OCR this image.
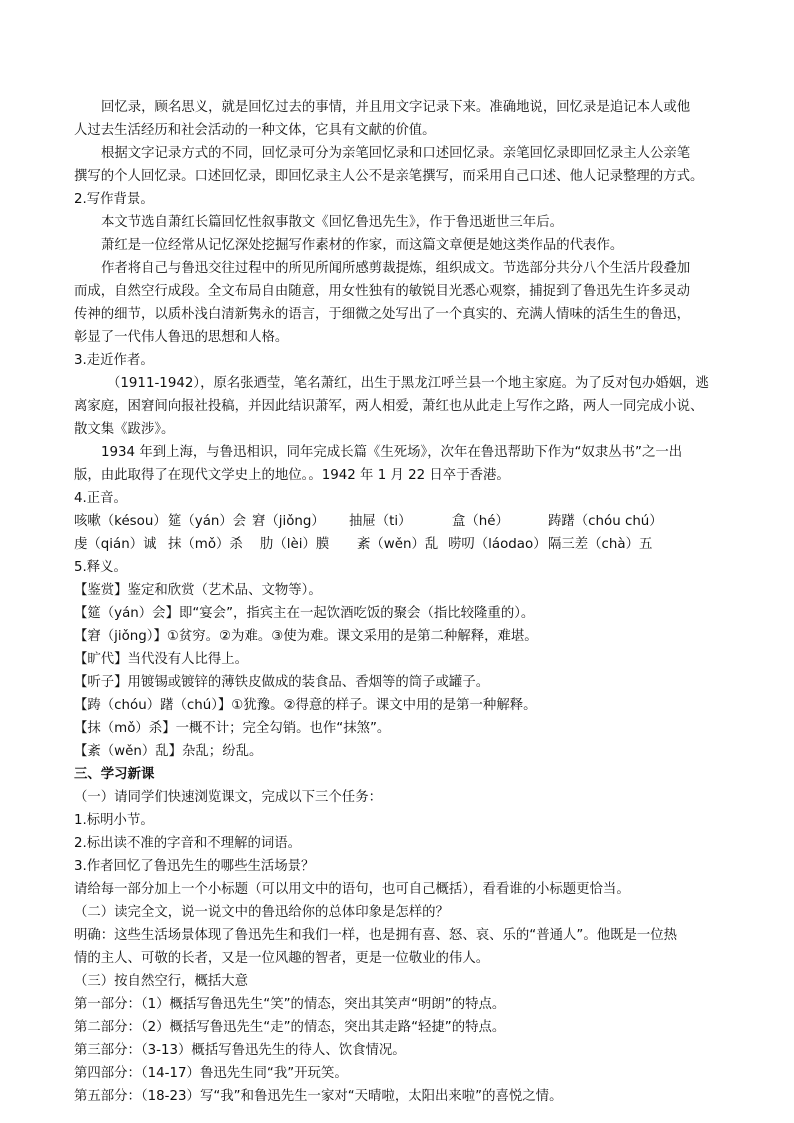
回忆录，顾名思义，就是回忆过去的事情，并且用文字记录下来。准确地说，回忆录是追记本人或他
人过去生活经历和社会活动的一种文体，它具有文献的价值。
根据文字记录方式的不同，回忆录可分为亲笔回忆录和口述回忆录。亲笔回忆录即回忆录主人公亲笔
撰写的个人回忆录。口述回忆录，即回忆录主人公不是亲笔撰写，而采用自己口述、他人记录整理的方式。
2.写作背景。
本文节选自萧红长篇回忆性叙事散文《回忆鲁迅先生》，作于鲁迅逝世三年后。
萧红是一位经常从记忆深处挖掘写作素材的作家，而这篇文章便是她这类作品的代表作。
作者将自己与鲁迅交往过程中的所见所闻所感剪裁提炼，组织成文。节选部分共分八个生活片段叠加
而成，自然空行成段。全文布局自由随意，用女性独有的敏锐目光悉心观察，捕捉到了鲁迅先生许多灵动
传神的细节，以质朴浅白清新隽永的语言，于细微之处写出了一个真实的、充满人情味的活生生的鲁迅，
彰显了一代伟人鲁迅的思想和人格。
3.走近作者。
（1911-1942），原名张迺莹，笔名萧红，出生于黑龙江呼兰县一个地主家庭。为了反对包办婚姻，逃
离家庭，困窘间向报社投稿，并因此结识萧军，两人相爱，萧红也从此走上写作之路，两人一同完成小说、
散文集《跋涉》。
1934 年到上海，与鲁迅相识，同年完成长篇《生死场》，次年在鲁迅帮助下作为“奴隶丛书”之一出
版，由此取得了在现代文学史上的地位。。1942 年 1 月 22 日卒于香港。
4.正音。
咳嗽（késou） 筵（yán）会 窘（jiǒng） 抽屉（ti）	盒（hé）	踌躇（chóu chú）
虔（qián）诚 抹（mǒ）杀 肋（lèi）膜 紊（wěn）乱 唠叨（láodao） 隔三差（chà）五
5.释义。
【鉴赏】鉴定和欣赏（艺术品、文物等）。
【筵（yán）会】即“宴会”，指宾主在一起饮酒吃饭的聚会（指比较隆重的）。
【窘（jiǒng）】①贫穷。②为难。③使为难。课文采用的是第二种解释，难堪。
【旷代】当代没有人比得上。
【听子】用镀锡或镀锌的薄铁皮做成的装食品、香烟等的筒子或罐子。
【踌（chóu）躇（chú）】①犹豫。②得意的样子。课文中用的是第一种解释。
【抹（mǒ）杀】一概不计；完全勾销。也作“抹煞”。
【紊（wěn）乱】杂乱；纷乱。
三、学习新课
（一）请同学们快速浏览课文，完成以下三个任务：
1.标明小节。
2.标出读不准的字音和不理解的词语。
3.作者回忆了鲁迅先生的哪些生活场景？
请给每一部分加上一个小标题（可以用文中的语句，也可自己概括），看看谁的小标题更恰当。
（二）读完全文，说一说文中的鲁迅给你的总体印象是怎样的？
明确：这些生活场景体现了鲁迅先生和我们一样，也是拥有喜、怒、哀、乐的“普通人”。他既是一位热
情的主人、可敬的长者，又是一位风趣的智者，更是一位敬业的伟人。
（三）按自然空行，概括大意
第一部分：（1）概括写鲁迅先生“笑”的情态，突出其笑声“明朗”的特点。
第二部分：（2）概括写鲁迅先生“走”的情态，突出其走路“轻捷”的特点。
第三部分：（3-13）概括写鲁迅先生的待人、饮食情况。
第四部分：（14-17）鲁迅先生同“我”开玩笑。
第五部分：（18-23）写“我”和鲁迅先生一家对“天晴啦，太阳出来啦”的喜悦之情。
